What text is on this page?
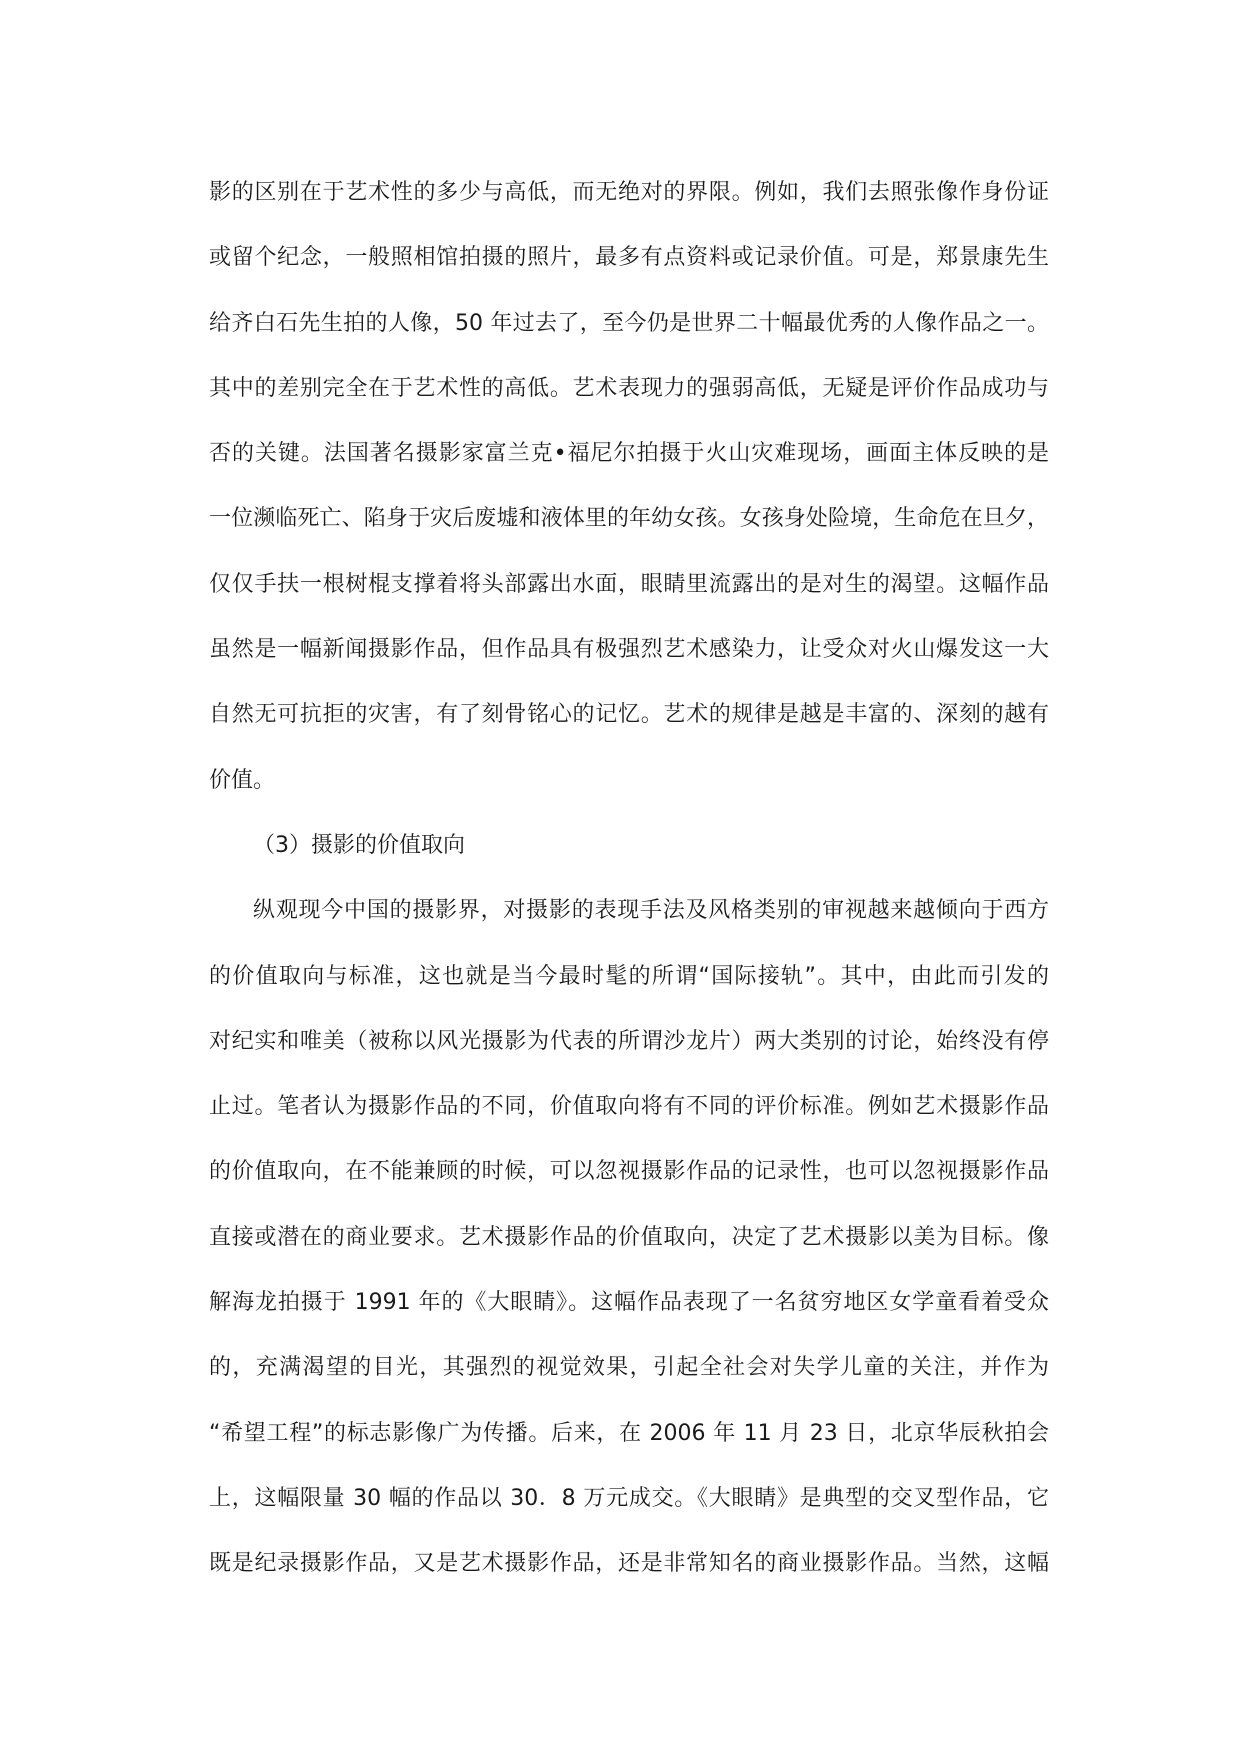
影的区别在于艺术性的多少与高低，而无绝对的界限。例如，我们去照张像作身份证
或留个纪念，一般照相馆拍摄的照片，最多有点资料或记录价值。可是，郑景康先生
给齐白石先生拍的人像，50 年过去了，至今仍是世界二十幅最优秀的人像作品之一。
其中的差别完全在于艺术性的高低。艺术表现力的强弱高低，无疑是评价作品成功与
否的关键。法国著名摄影家富兰克•福尼尔拍摄于火山灾难现场，画面主体反映的是
一位濒临死亡、陷身于灾后废墟和液体里的年幼女孩。女孩身处险境，生命危在旦夕，
仅仅手扶一根树棍支撑着将头部露出水面，眼睛里流露出的是对生的渴望。这幅作品
虽然是一幅新闻摄影作品，但作品具有极强烈艺术感染力，让受众对火山爆发这一大
自然无可抗拒的灾害，有了刻骨铭心的记忆。艺术的规律是越是丰富的、深刻的越有
价值。
（3）摄影的价值取向
纵观现今中国的摄影界，对摄影的表现手法及风格类别的审视越来越倾向于西方
的价值取向与标准，这也就是当今最时髦的所谓“国际接轨”。其中，由此而引发的
对纪实和唯美（被称以风光摄影为代表的所谓沙龙片）两大类别的讨论，始终没有停
止过。笔者认为摄影作品的不同，价值取向将有不同的评价标准。例如艺术摄影作品
的价值取向，在不能兼顾的时候，可以忽视摄影作品的记录性，也可以忽视摄影作品
直接或潜在的商业要求。艺术摄影作品的价值取向，决定了艺术摄影以美为目标。像
解海龙拍摄于 1991 年的《大眼睛》。这幅作品表现了一名贫穷地区女学童看着受众
的，充满渴望的目光，其强烈的视觉效果，引起全社会对失学儿童的关注，并作为
“希望工程”的标志影像广为传播。后来，在 2006 年 11 月 23 日，北京华辰秋拍会
上，这幅限量 30 幅的作品以 30．8 万元成交。《大眼睛》是典型的交叉型作品，它
既是纪录摄影作品，又是艺术摄影作品，还是非常知名的商业摄影作品。当然，这幅
